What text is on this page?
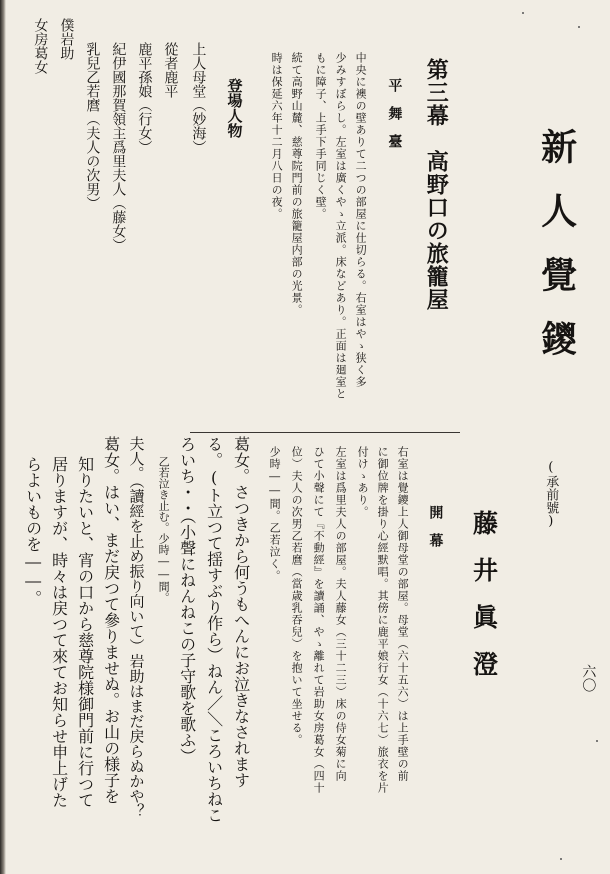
六〇
新人覺鑁
(承前號)
藤井眞澄
第三幕　高野口の旅籠屋
平　舞　臺
中央に襖の壁ありて二つの部屋に仕切らる。右室はやゝ狭く多
少みすぼらし。左室は廣くやゝ立派。床などあり。正面は廻室と
もに障子、上手下手同じく壁。
続て高野山麓、慈尊院門前の旅籠屋内部の光景。
時は保延六年十二月八日の夜。
登場人物
上人母堂（妙海）
從者鹿平
鹿平孫娘（行女）
紀伊國那賀領主爲里夫人（藤女）
乳兒乙若麿（夫人の次男）
僕岩助
女房葛女
開　幕
右室は覺鑁上人御母堂の部屋。母堂（六十五六）は上手壁の前
に御位牌を掛り心經默唱。其傍に鹿平娘行女（十六七）旅衣を片
付けゝあり。
左室は爲里夫人の部屋。夫人藤女（三十二三）床の侍女菊に向
ひて小聲にて『不動經』を讀誦、やゝ離れて岩助女房葛女（四十
位）夫人の次男乙若麿（當歳乳吞兒）を抱いて坐せる。
少時――間。乙若泣く。
葛女。さつきから何うもへんにお泣きなされます
る。(ト立つて揺すぶり作ら）ねん／＼ころいちねこ
ろいち・・（小聲にねんねこの子守歌を歌ふ）
乙若泣き止む。少時――間。
夫人。（讀經を止め振り向いて）岩助はまだ戻らぬかや？
葛女。はい、まだ戻つて參りませぬ。お山の様子を
知りたいと、宵の口から慈尊院様御門前に行つて
居りますが、時々は戻つて來てお知らせ申上げた
らよいものを――。
